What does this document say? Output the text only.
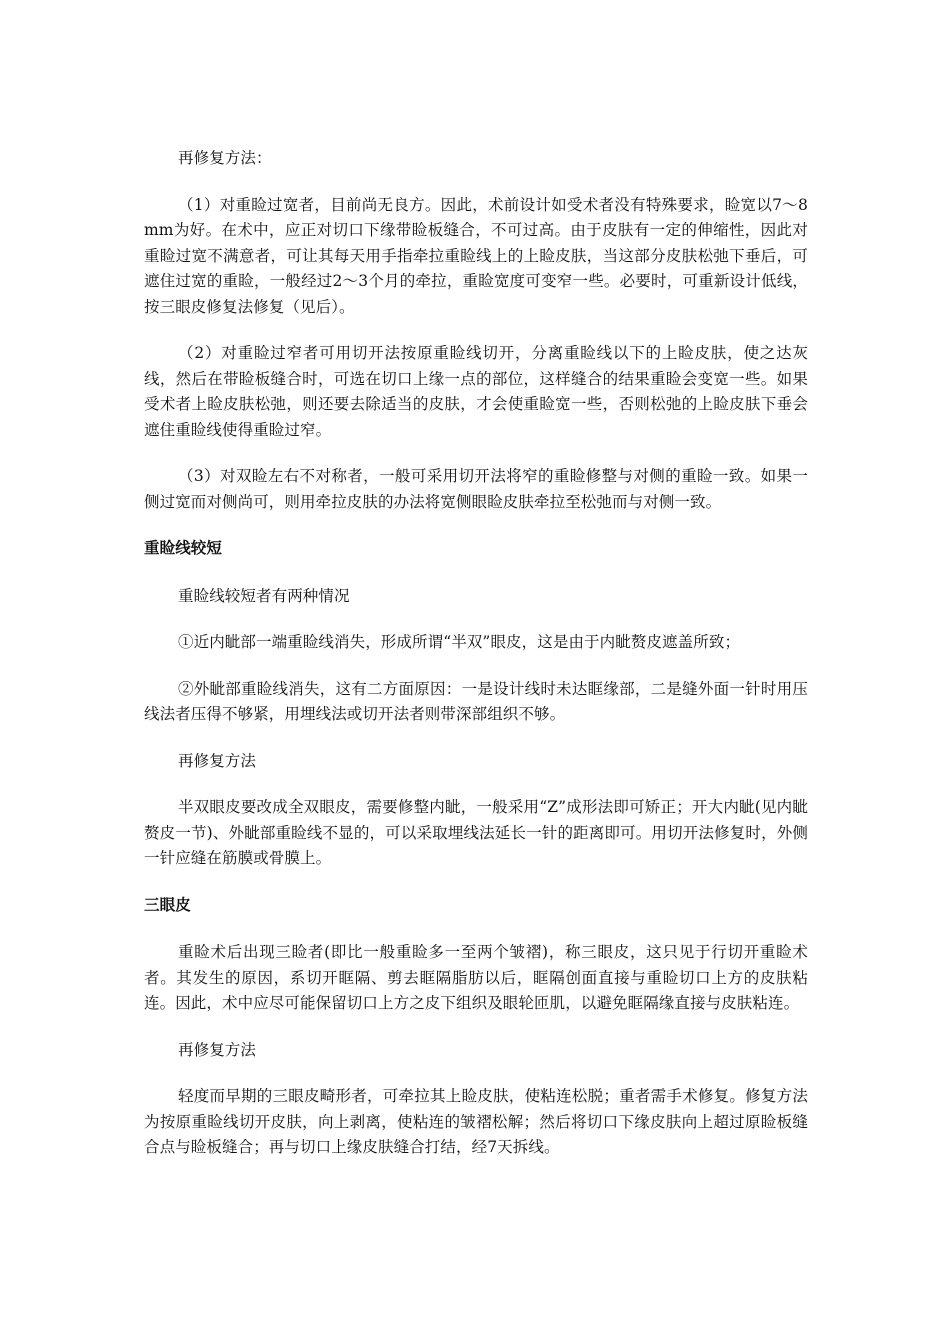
再修复方法：

（1）对重睑过宽者，目前尚无良方。因此，术前设计如受术者没有特殊要求，睑宽以7～8mm为好。在术中，应正对切口下缘带睑板缝合，不可过高。由于皮肤有一定的伸缩性，因此对重睑过宽不满意者，可让其每天用手指牵拉重睑线上的上睑皮肤，当这部分皮肤松弛下垂后，可遮住过宽的重睑，一般经过2～3个月的牵拉，重睑宽度可变窄一些。必要时，可重新设计低线，按三眼皮修复法修复（见后）。

（2）对重睑过窄者可用切开法按原重睑线切开，分离重睑线以下的上睑皮肤，使之达灰线，然后在带睑板缝合时，可选在切口上缘一点的部位，这样缝合的结果重睑会变宽一些。如果受术者上睑皮肤松弛，则还要去除适当的皮肤，才会使重睑宽一些，否则松弛的上睑皮肤下垂会遮住重睑线使得重睑过窄。

（3）对双睑左右不对称者，一般可采用切开法将窄的重睑修整与对侧的重睑一致。如果一侧过宽而对侧尚可，则用牵拉皮肤的办法将宽侧眼睑皮肤牵拉至松弛而与对侧一致。

重睑线较短

重睑线较短者有两种情况

①近内眦部一端重睑线消失，形成所谓“半双”眼皮，这是由于内眦赘皮遮盖所致；

②外眦部重睑线消失，这有二方面原因：一是设计线时未达眶缘部，二是缝外面一针时用压线法者压得不够紧，用埋线法或切开法者则带深部组织不够。

再修复方法

半双眼皮要改成全双眼皮，需要修整内眦，一般采用“Z”成形法即可矫正；开大内眦(见内眦赘皮一节)、外眦部重睑线不显的，可以采取埋线法延长一针的距离即可。用切开法修复时，外侧一针应缝在筋膜或骨膜上。

三眼皮

重睑术后出现三睑者(即比一般重睑多一至两个皱褶)，称三眼皮，这只见于行切开重睑术者。其发生的原因，系切开眶隔、剪去眶隔脂肪以后，眶隔创面直接与重睑切口上方的皮肤粘连。因此，术中应尽可能保留切口上方之皮下组织及眼轮匝肌，以避免眶隔缘直接与皮肤粘连。

再修复方法

轻度而早期的三眼皮畸形者，可牵拉其上睑皮肤，使粘连松脱；重者需手术修复。修复方法为按原重睑线切开皮肤，向上剥离，使粘连的皱褶松解；然后将切口下缘皮肤向上超过原睑板缝合点与睑板缝合；再与切口上缘皮肤缝合打结，经7天拆线。
